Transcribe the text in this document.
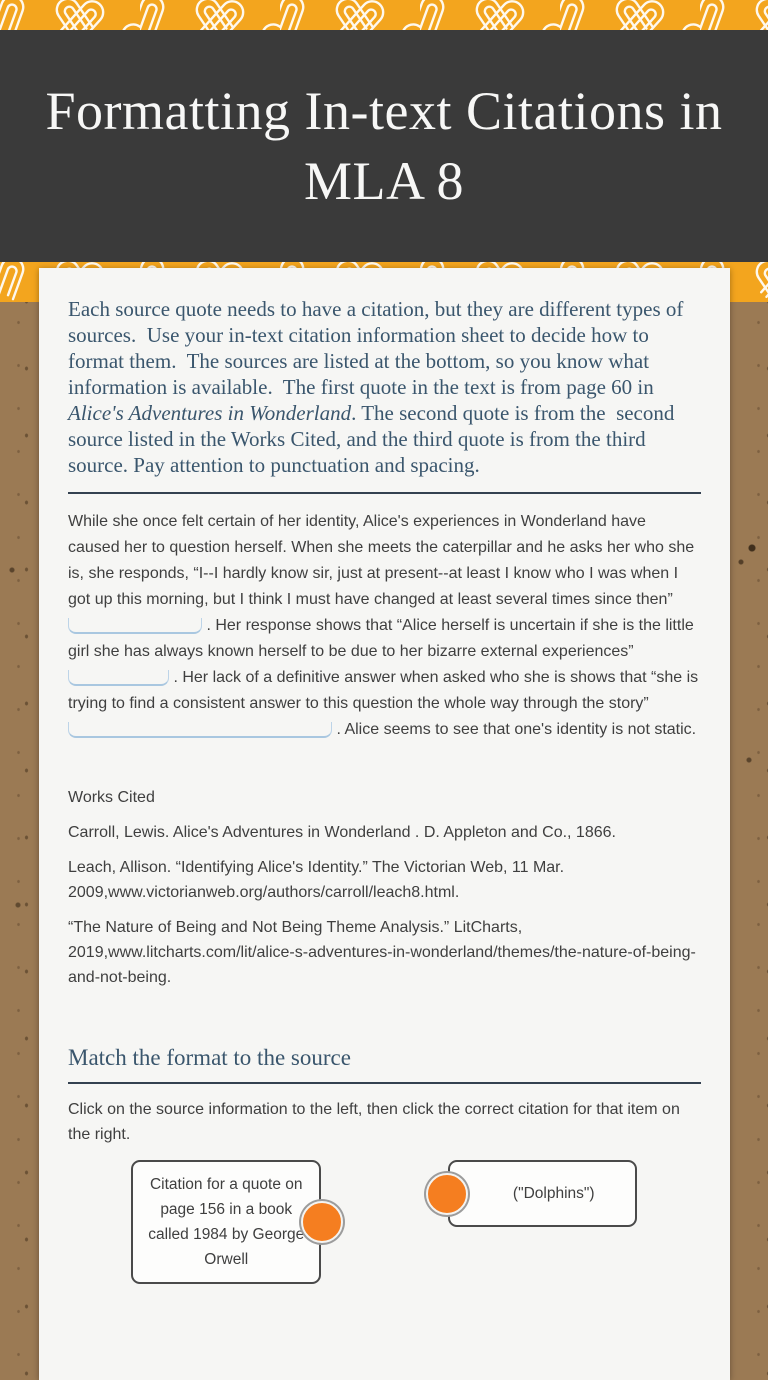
Formatting In-text Citations in MLA 8

Each source quote needs to have a citation, but they are different types of sources.  Use your in-text citation information sheet to decide how to format them.  The sources are listed at the bottom, so you know what information is available.  The first quote in the text is from page 60 in Alice's Adventures in Wonderland. The second quote is from the  second source listed in the Works Cited, and the third quote is from the third source. Pay attention to punctuation and spacing.

While she once felt certain of her identity, Alice's experiences in Wonderland have caused her to question herself. When she meets the caterpillar and he asks her who she is, she responds, “I--I hardly know sir, just at present--at least I know who I was when I got up this morning, but I think I must have changed at least several times since then”  . Her response shows that “Alice herself is uncertain if she is the little girl she has always known herself to be due to her bizarre external experiences”  . Her lack of a definitive answer when asked who she is shows that “she is trying to find a consistent answer to this question the whole way through the story”  . Alice seems to see that one's identity is not static.

Works Cited

Carroll, Lewis. Alice's Adventures in Wonderland . D. Appleton and Co., 1866.

Leach, Allison. “Identifying Alice's Identity.” The Victorian Web, 11 Mar. 2009,www.victorianweb.org/authors/carroll/leach8.html.

“The Nature of Being and Not Being Theme Analysis.” LitCharts, 2019,www.litcharts.com/lit/alice-s-adventures-in-wonderland/themes/the-nature-of-being-and-not-being.

Match the format to the source

Click on the source information to the left, then click the correct citation for that item on the right.

Citation for a quote on page 156 in a book called 1984 by George Orwell
("Dolphins")
